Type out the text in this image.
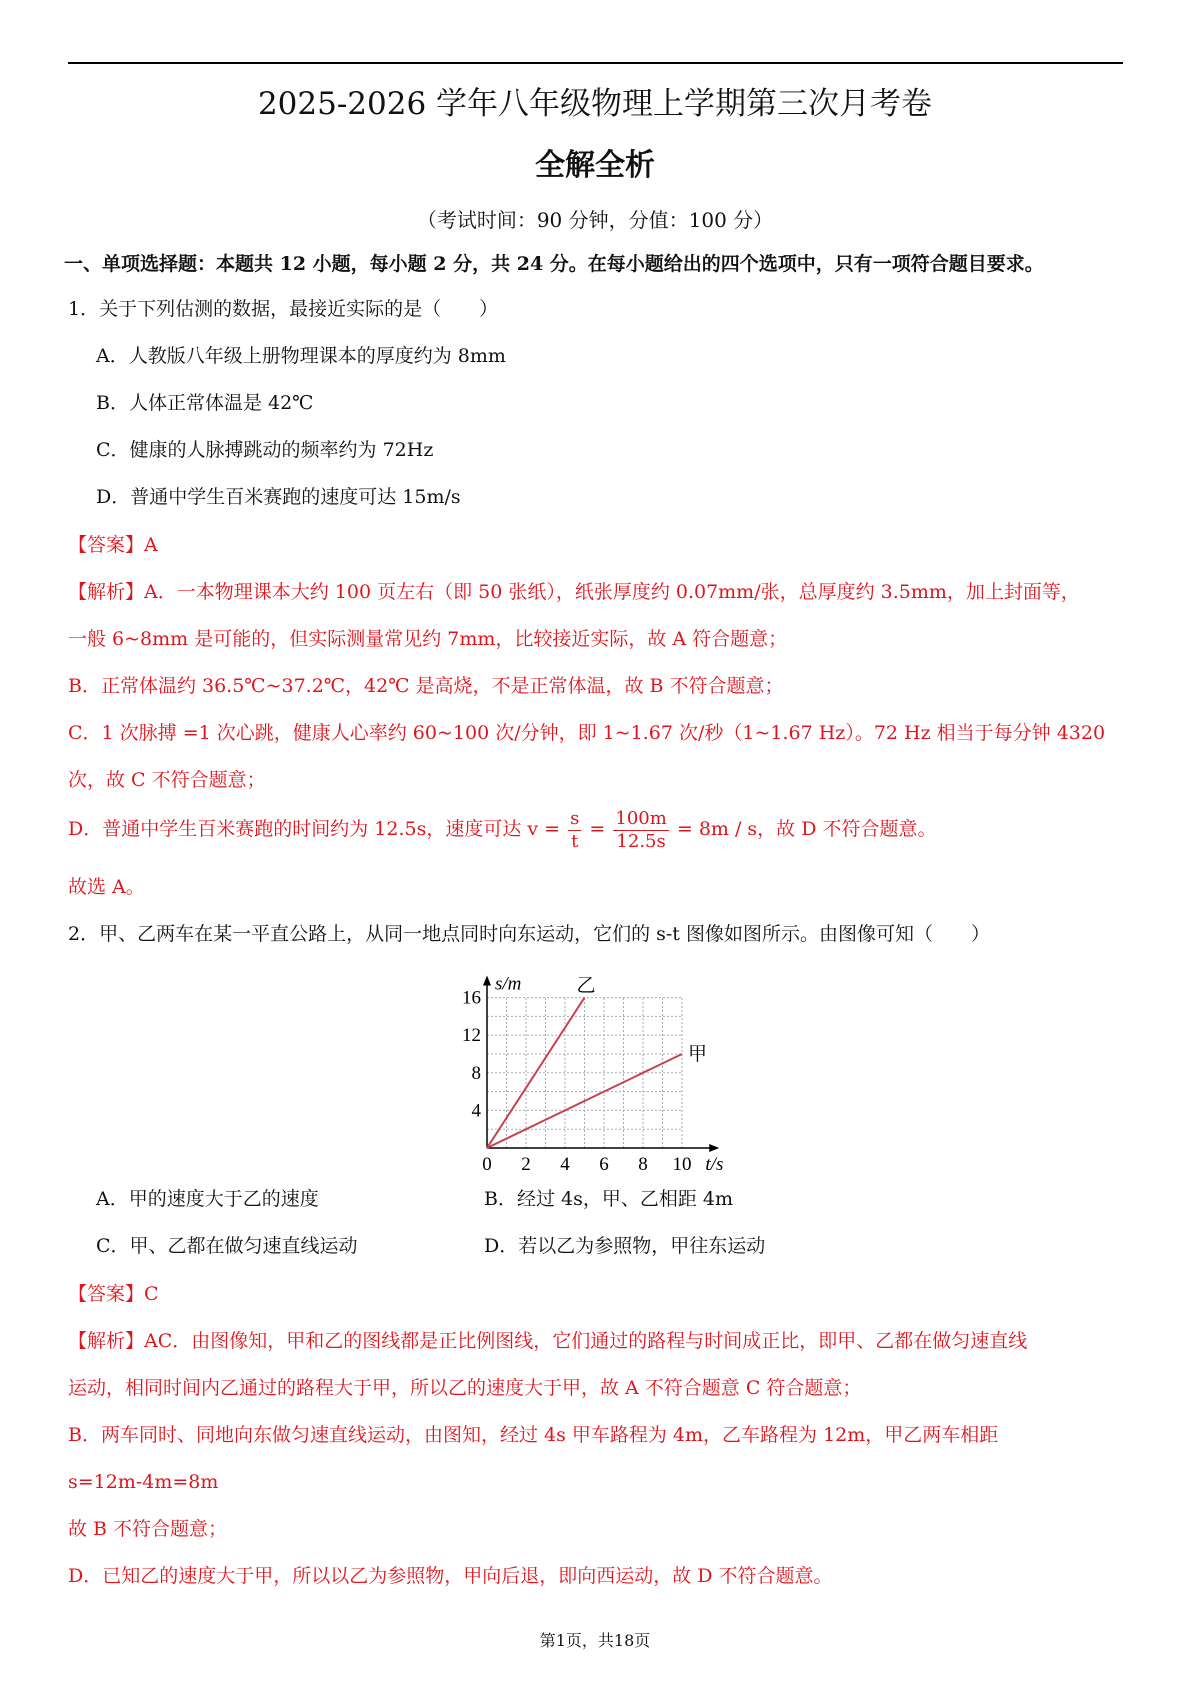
2025-2026 学年八年级物理上学期第三次月考卷
全解全析
（考试时间：90 分钟，分值：100 分）
一、单项选择题：本题共 12 小题，每小题 2 分，共 24 分。在每小题给出的四个选项中，只有一项符合题目要求。
1．关于下列估测的数据，最接近实际的是（　　）
A．人教版八年级上册物理课本的厚度约为 8mm
B．人体正常体温是 42℃
C．健康的人脉搏跳动的频率约为 72Hz
D．普通中学生百米赛跑的速度可达 15m/s
【答案】A
【解析】A．一本物理课本大约 100 页左右（即 50 张纸），纸张厚度约 0.07mm/张，总厚度约 3.5mm，加上封面等，
一般 6~8mm 是可能的，但实际测量常见约 7mm，比较接近实际，故 A 符合题意；
B．正常体温约 36.5℃~37.2℃，42℃ 是高烧，不是正常体温，故 B 不符合题意；
C．1 次脉搏 =1 次心跳，健康人心率约 60~100 次/分钟，即 1~1.67 次/秒（1~1.67 Hz）。72 Hz 相当于每分钟 4320
次，故 C 不符合题意；
D．普通中学生百米赛跑的时间约为 12.5s，速度可达 $v = \frac{s}{t} = \frac{100m}{12.5s} = 8m / s$，故 D 不符合题意。
故选 A。
2．甲、乙两车在某一平直公路上，从同一地点同时向东运动，它们的 s-t 图像如图所示。由图像可知（　　）
0 2 4 6 8 10
4
8
12
16
t/s
s/m	乙
甲
A．甲的速度大于乙的速度	B．经过 4s，甲、乙相距 4m
C．甲、乙都在做匀速直线运动	D．若以乙为参照物，甲往东运动
【答案】C
【解析】AC．由图像知，甲和乙的图线都是正比例图线，它们通过的路程与时间成正比，即甲、乙都在做匀速直线
运动，相同时间内乙通过的路程大于甲，所以乙的速度大于甲，故 A 不符合题意 C 符合题意；
B．两车同时、同地向东做匀速直线运动，由图知，经过 4s 甲车路程为 4m，乙车路程为 12m，甲乙两车相距
s=12m-4m=8m
故 B 不符合题意；
D．已知乙的速度大于甲，所以以乙为参照物，甲向后退，即向西运动，故 D 不符合题意。
第1页，共18页
